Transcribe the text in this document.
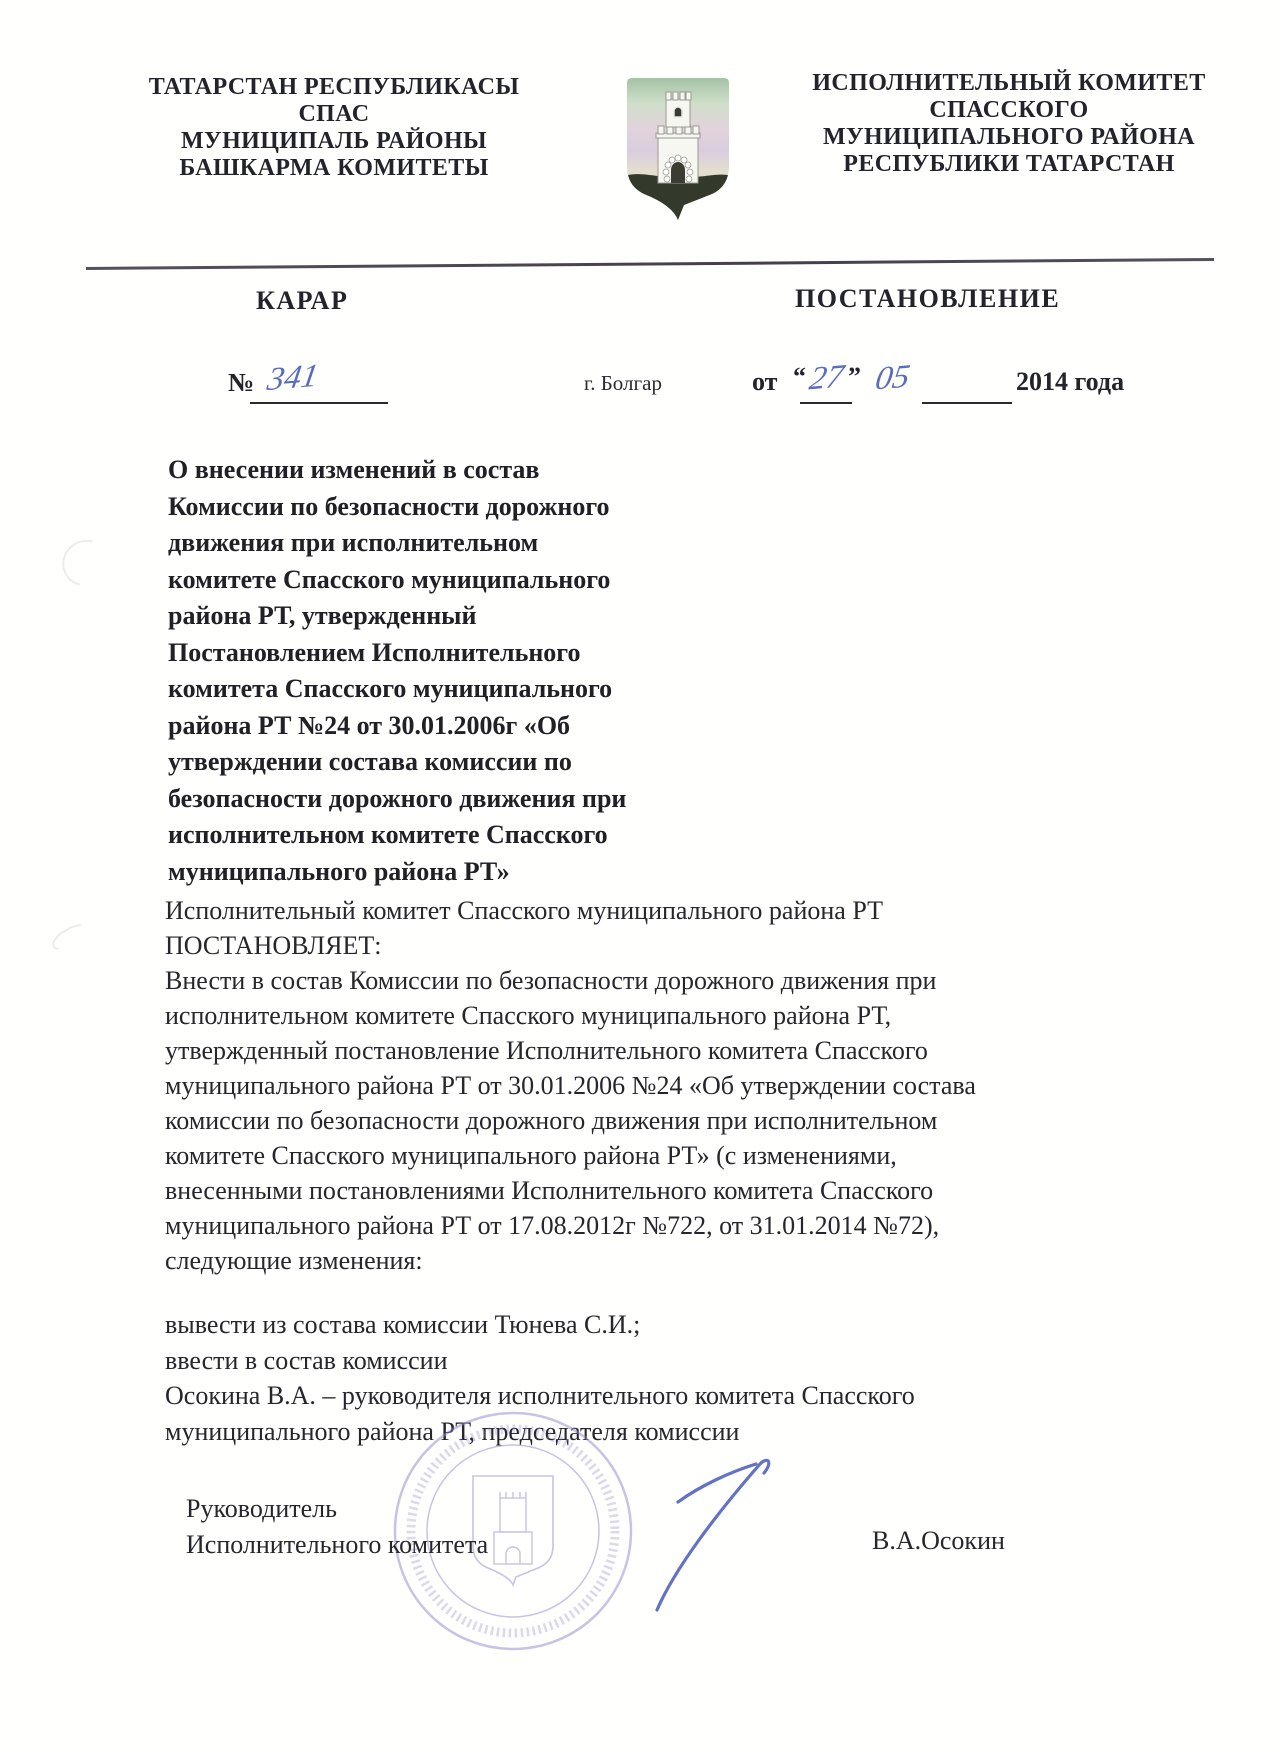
ТАТАРСТАН РЕСПУБЛИКАСЫ
СПАС
МУНИЦИПАЛЬ РАЙОНЫ
БАШКАРМА КОМИТЕТЫ
ИСПОЛНИТЕЛЬНЫЙ КОМИТЕТ
СПАССКОГО
МУНИЦИПАЛЬНОГО РАЙОНА
РЕСПУБЛИКИ ТАТАРСТАН
КАРАР	ПОСТАНОВЛЕНИЕ
№ 341	г. Болгар	от “ 27 ” 05	2014 года
О внесении изменений в состав
Комиссии по безопасности дорожного
движения при исполнительном
комитете Спасского муниципального
района РТ, утвержденный
Постановлением Исполнительного
комитета Спасского муниципального
района РТ №24 от 30.01.2006г «Об
утверждении состава комиссии по
безопасности дорожного движения при
исполнительном комитете Спасского
муниципального района РТ»
Исполнительный комитет Спасского муниципального района РТ
ПОСТАНОВЛЯЕТ:
Внести в состав Комиссии по безопасности дорожного движения при
исполнительном комитете Спасского муниципального района РТ,
утвержденный постановление Исполнительного комитета Спасского
муниципального района РТ от 30.01.2006 №24 «Об утверждении состава
комиссии по безопасности дорожного движения при исполнительном
комитете Спасского муниципального района РТ» (с изменениями,
внесенными постановлениями Исполнительного комитета Спасского
муниципального района РТ от 17.08.2012г №722, от 31.01.2014 №72),
следующие изменения:
вывести из состава комиссии Тюнева С.И.;
ввести в состав комиссии
Осокина В.А. – руководителя исполнительного комитета Спасского
муниципального района РТ, председателя комиссии
Руководитель
Исполнительного комитета	В.А.Осокин
